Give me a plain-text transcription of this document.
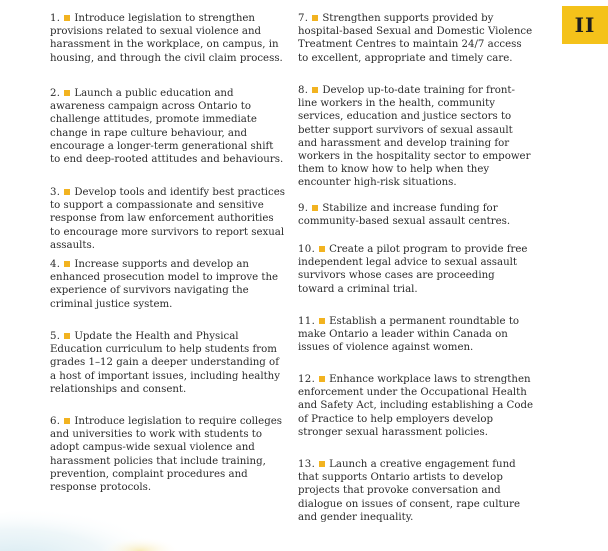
II

1. Introduce legislation to strengthen provisions related to sexual violence and harassment in the workplace, on campus, in housing, and through the civil claim process.

2. Launch a public education and awareness campaign across Ontario to challenge attitudes, promote immediate change in rape culture behaviour, and encourage a longer-term generational shift to end deep-rooted attitudes and behaviours.

3. Develop tools and identify best practices to support a compassionate and sensitive response from law enforcement authorities to encourage more survivors to report sexual assaults.

4. Increase supports and develop an enhanced prosecution model to improve the experience of survivors navigating the criminal justice system.

5. Update the Health and Physical Education curriculum to help students from grades 1–12 gain a deeper understanding of a host of important issues, including healthy relationships and consent.

6. Introduce legislation to require colleges and universities to work with students to adopt campus-wide sexual violence and harassment policies that include training, prevention, complaint procedures and response protocols.

7. Strengthen supports provided by hospital-based Sexual and Domestic Violence Treatment Centres to maintain 24/7 access to excellent, appropriate and timely care.

8. Develop up-to-date training for front-line workers in the health, community services, education and justice sectors to better support survivors of sexual assault and harassment and develop training for workers in the hospitality sector to empower them to know how to help when they encounter high-risk situations.

9. Stabilize and increase funding for community-based sexual assault centres.

10. Create a pilot program to provide free independent legal advice to sexual assault survivors whose cases are proceeding toward a criminal trial.

11. Establish a permanent roundtable to make Ontario a leader within Canada on issues of violence against women.

12. Enhance workplace laws to strengthen enforcement under the Occupational Health and Safety Act, including establishing a Code of Practice to help employers develop stronger sexual harassment policies.

13. Launch a creative engagement fund that supports Ontario artists to develop projects that provoke conversation and dialogue on issues of consent, rape culture and gender inequality.
